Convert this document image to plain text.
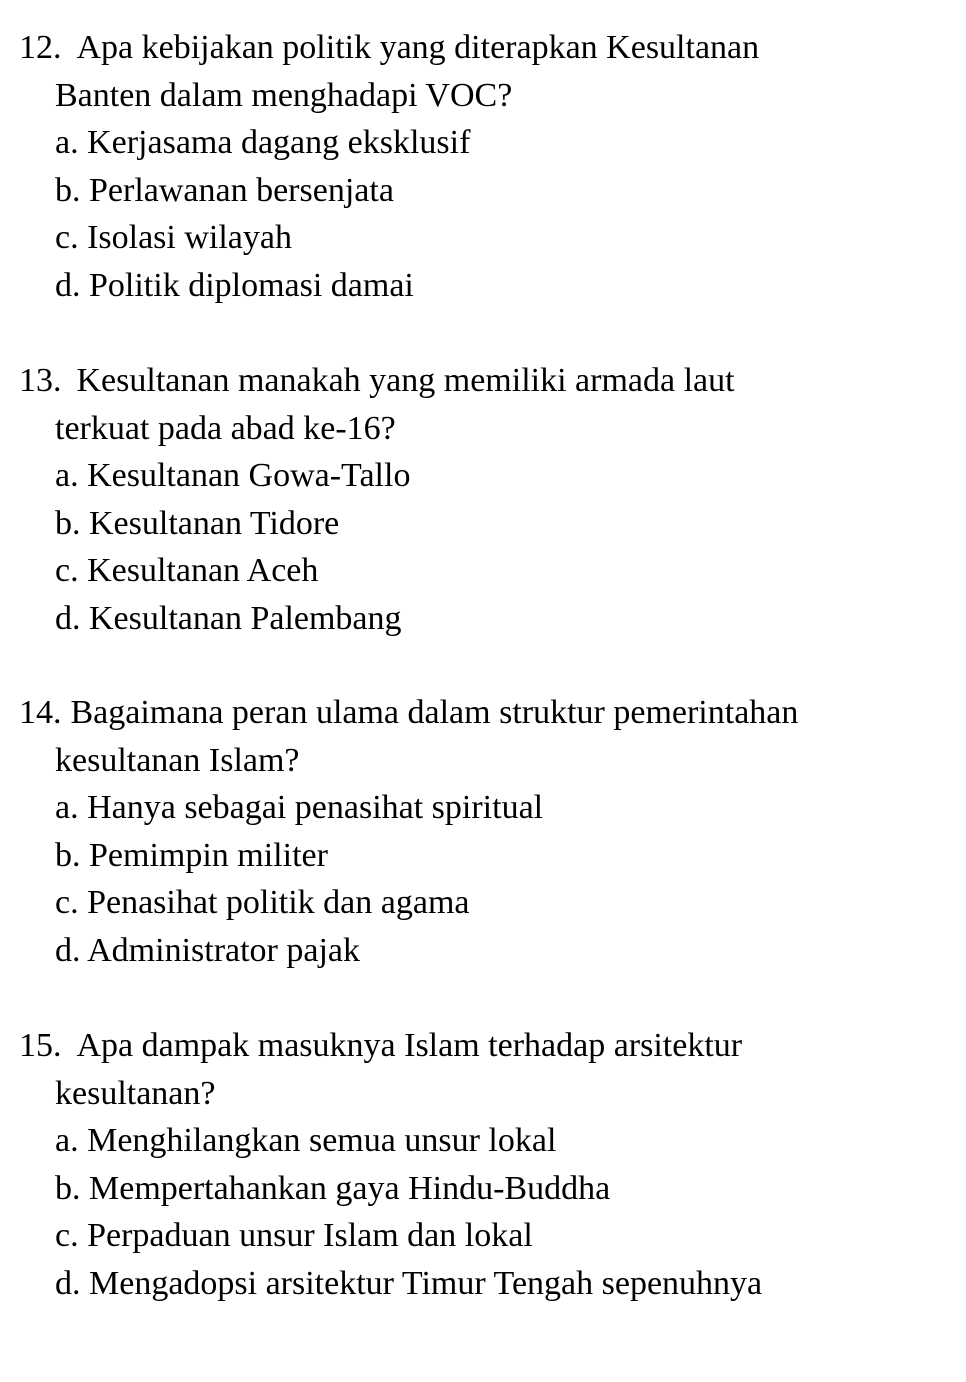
12. Apa kebijakan politik yang diterapkan Kesultanan
Banten dalam menghadapi VOC?
a. Kerjasama dagang eksklusif
b. Perlawanan bersenjata
c. Isolasi wilayah
d. Politik diplomasi damai
13. Kesultanan manakah yang memiliki armada laut
terkuat pada abad ke-16?
a. Kesultanan Gowa-Tallo
b. Kesultanan Tidore
c. Kesultanan Aceh
d. Kesultanan Palembang
14. Bagaimana peran ulama dalam struktur pemerintahan
kesultanan Islam?
a. Hanya sebagai penasihat spiritual
b. Pemimpin militer
c. Penasihat politik dan agama
d. Administrator pajak
15. Apa dampak masuknya Islam terhadap arsitektur
kesultanan?
a. Menghilangkan semua unsur lokal
b. Mempertahankan gaya Hindu-Buddha
c. Perpaduan unsur Islam dan lokal
d. Mengadopsi arsitektur Timur Tengah sepenuhnya
